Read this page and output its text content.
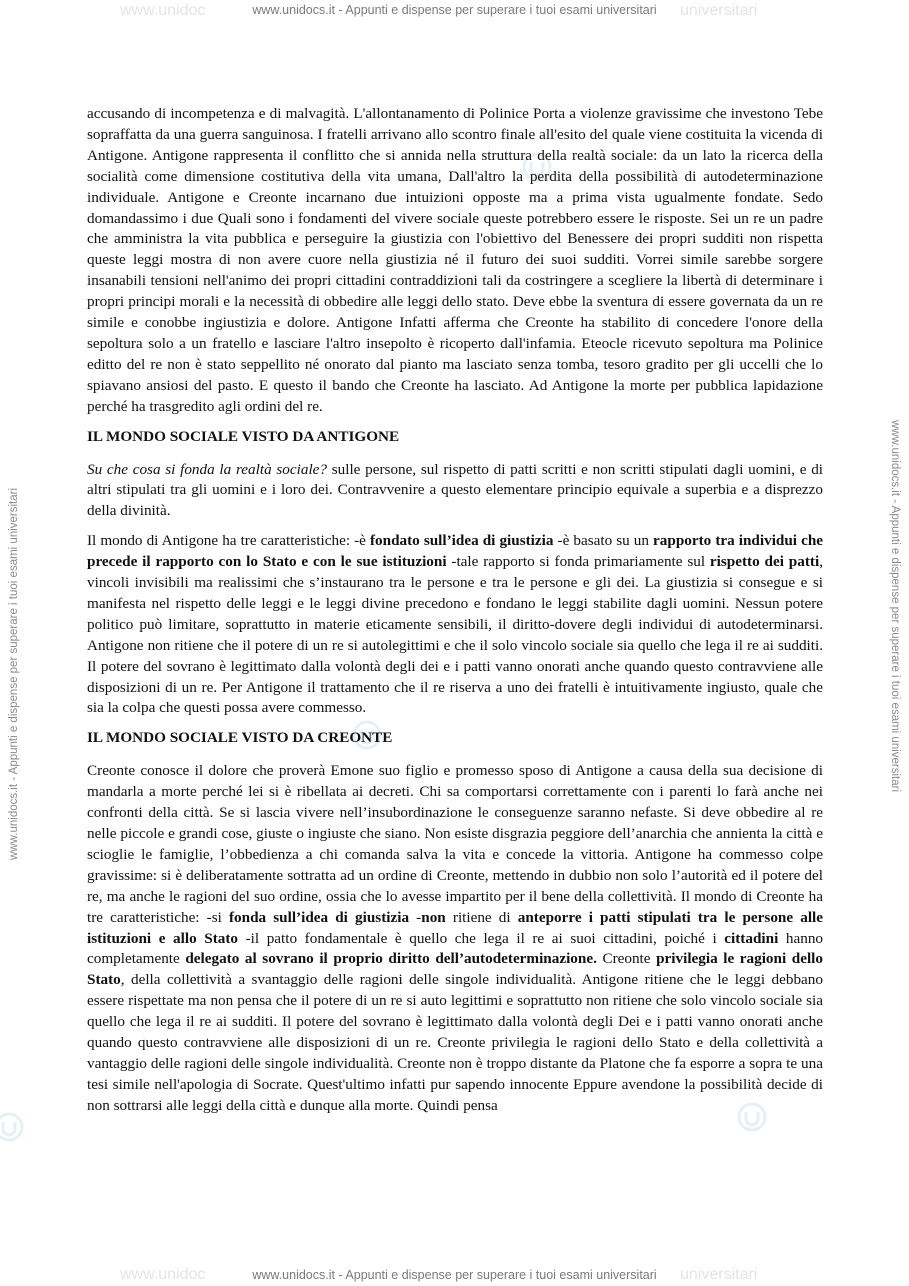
www.unidoc	universitari
www.unidocs.it - Appunti e dispense per superare i tuoi esami universitari
www.unidocs.it - Appunti e dispense per superare i tuoi esami universitari	www.unidocs.it - Appunti e dispense per superare i tuoi esami universitari

accusando di incompetenza e di malvagità. L'allontanamento di Polinice Porta a violenze gravissime che investono Tebe sopraffatta da una guerra sanguinosa. I fratelli arrivano allo scontro finale all'esito del quale viene costituita la vicenda di Antigone. Antigone rappresenta il conflitto che si annida nella struttura della realtà sociale: da un lato la ricerca della socialità come dimensione costitutiva della vita umana, Dall'altro la perdita della possibilità di autodeterminazione individuale. Antigone e Creonte incarnano due intuizioni opposte ma a prima vista ugualmente fondate. Sedo domandassimo i due Quali sono i fondamenti del vivere sociale queste potrebbero essere le risposte. Sei un re un padre che amministra la vita pubblica e perseguire la giustizia con l'obiettivo del Benessere dei propri sudditi non rispetta queste leggi mostra di non avere cuore nella giustizia né il futuro dei suoi sudditi. Vorrei simile sarebbe sorgere insanabili tensioni nell'animo dei propri cittadini contraddizioni tali da costringere a scegliere la libertà di determinare i propri principi morali e la necessità di obbedire alle leggi dello stato. Deve ebbe la sventura di essere governata da un re simile e conobbe ingiustizia e dolore. Antigone Infatti afferma che Creonte ha stabilito di concedere l'onore della sepoltura solo a un fratello e lasciare l'altro insepolto è ricoperto dall'infamia. Eteocle ricevuto sepoltura ma Polinice editto del re non è stato seppellito né onorato dal pianto ma lasciato senza tomba, tesoro gradito per gli uccelli che lo spiavano ansiosi del pasto. E questo il bando che Creonte ha lasciato. Ad Antigone la morte per pubblica lapidazione perché ha trasgredito agli ordini del re.

IL MONDO SOCIALE VISTO DA ANTIGONE

Su che cosa si fonda la realtà sociale? sulle persone, sul rispetto di patti scritti e non scritti stipulati dagli uomini, e di altri stipulati tra gli uomini e i loro dei. Contravvenire a questo elementare principio equivale a superbia e a disprezzo della divinità.

Il mondo di Antigone ha tre caratteristiche: -è fondato sull’idea di giustizia -è basato su un rapporto tra individui che precede il rapporto con lo Stato e con le sue istituzioni -tale rapporto si fonda primariamente sul rispetto dei patti, vincoli invisibili ma realissimi che s’instaurano tra le persone e tra le persone e gli dei. La giustizia si consegue e si manifesta nel rispetto delle leggi e le leggi divine precedono e fondano le leggi stabilite dagli uomini. Nessun potere politico può limitare, soprattutto in materie eticamente sensibili, il diritto-dovere degli individui di autodeterminarsi. Antigone non ritiene che il potere di un re si autolegittimi e che il solo vincolo sociale sia quello che lega il re ai sudditi. Il potere del sovrano è legittimato dalla volontà degli dei e i patti vanno onorati anche quando questo contravviene alle disposizioni di un re. Per Antigone il trattamento che il re riserva a uno dei fratelli è intuitivamente ingiusto, quale che sia la colpa che questi possa avere commesso.

IL MONDO SOCIALE VISTO DA CREONTE

Creonte conosce il dolore che proverà Emone suo figlio e promesso sposo di Antigone a causa della sua decisione di mandarla a morte perché lei si è ribellata ai decreti. Chi sa comportarsi correttamente con i parenti lo farà anche nei confronti della città. Se si lascia vivere nell’insubordinazione le conseguenze saranno nefaste. Si deve obbedire al re nelle piccole e grandi cose, giuste o ingiuste che siano. Non esiste disgrazia peggiore dell’anarchia che annienta la città e scioglie le famiglie, l’obbedienza a chi comanda salva la vita e concede la vittoria. Antigone ha commesso colpe gravissime: si è deliberatamente sottratta ad un ordine di Creonte, mettendo in dubbio non solo l’autorità ed il potere del re, ma anche le ragioni del suo ordine, ossia che lo avesse impartito per il bene della collettività. Il mondo di Creonte ha tre caratteristiche: -si fonda sull’idea di giustizia -non ritiene di anteporre i patti stipulati tra le persone alle istituzioni e allo Stato -il patto fondamentale è quello che lega il re ai suoi cittadini, poiché i cittadini hanno completamente delegato al sovrano il proprio diritto dell’autodeterminazione. Creonte privilegia le ragioni dello Stato, della collettività a svantaggio delle ragioni delle singole individualità. Antigone ritiene che le leggi debbano essere rispettate ma non pensa che il potere di un re si auto legittimi e soprattutto non ritiene che solo vincolo sociale sia quello che lega il re ai sudditi. Il potere del sovrano è legittimato dalla volontà degli Dei e i patti vanno onorati anche quando questo contravviene alle disposizioni di un re. Creonte privilegia le ragioni dello Stato e della collettività a vantaggio delle ragioni delle singole individualità. Creonte non è troppo distante da Platone che fa esporre a sopra te una tesi simile nell'apologia di Socrate. Quest'ultimo infatti pur sapendo innocente Eppure avendone la possibilità decide di non sottrarsi alle leggi della città e dunque alla morte. Quindi pensa

www.unidoc	universitari
www.unidocs.it - Appunti e dispense per superare i tuoi esami universitari
